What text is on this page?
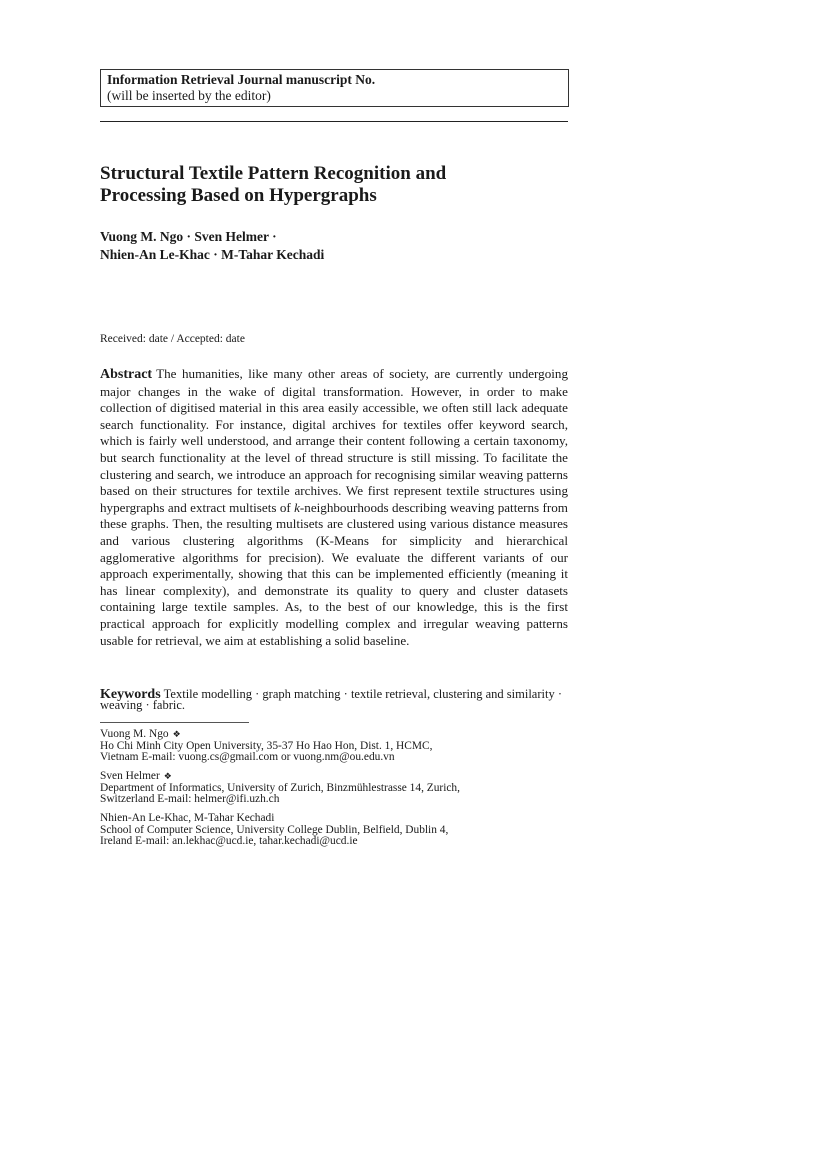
Information Retrieval Journal manuscript No.
(will be inserted by the editor)
Structural Textile Pattern Recognition and
Processing Based on Hypergraphs
Vuong M. Ngo · Sven Helmer ·
Nhien-An Le-Khac · M-Tahar Kechadi
Received: date / Accepted: date
Abstract The humanities, like many other areas of society, are currently undergoing major changes in the wake of digital transformation. However, in order to make collection of digitised material in this area easily accessible, we often still lack adequate search functionality. For instance, digital archives for textiles offer keyword search, which is fairly well understood, and arrange their content following a certain taxonomy, but search functionality at the level of thread structure is still missing. To facilitate the clustering and search, we introduce an approach for recognising similar weaving patterns based on their structures for textile archives. We first represent textile structures using hypergraphs and extract multisets of k-neighbourhoods describing weaving patterns from these graphs. Then, the resulting multisets are clustered using various distance measures and various clustering algorithms (K-Means for simplicity and hierarchical agglomerative algorithms for precision). We evaluate the different variants of our approach experimentally, showing that this can be implemented efficiently (meaning it has linear complexity), and demonstrate its quality to query and cluster datasets containing large textile samples. As, to the best of our knowledge, this is the first practical approach for explicitly modelling complex and irregular weaving patterns usable for retrieval, we aim at establishing a solid baseline.
Keywords Textile modelling · graph matching · textile retrieval, clustering and similarity · weaving · fabric.
Vuong M. Ngo ❖
Ho Chi Minh City Open University, 35-37 Ho Hao Hon, Dist. 1, HCMC,
Vietnam E-mail: vuong.cs@gmail.com or vuong.nm@ou.edu.vn
Sven Helmer ❖
Department of Informatics, University of Zurich, Binzmühlestrasse 14, Zurich,
Switzerland E-mail: helmer@ifi.uzh.ch
Nhien-An Le-Khac, M-Tahar Kechadi
School of Computer Science, University College Dublin, Belfield, Dublin 4,
Ireland E-mail: an.lekhac@ucd.ie, tahar.kechadi@ucd.ie
